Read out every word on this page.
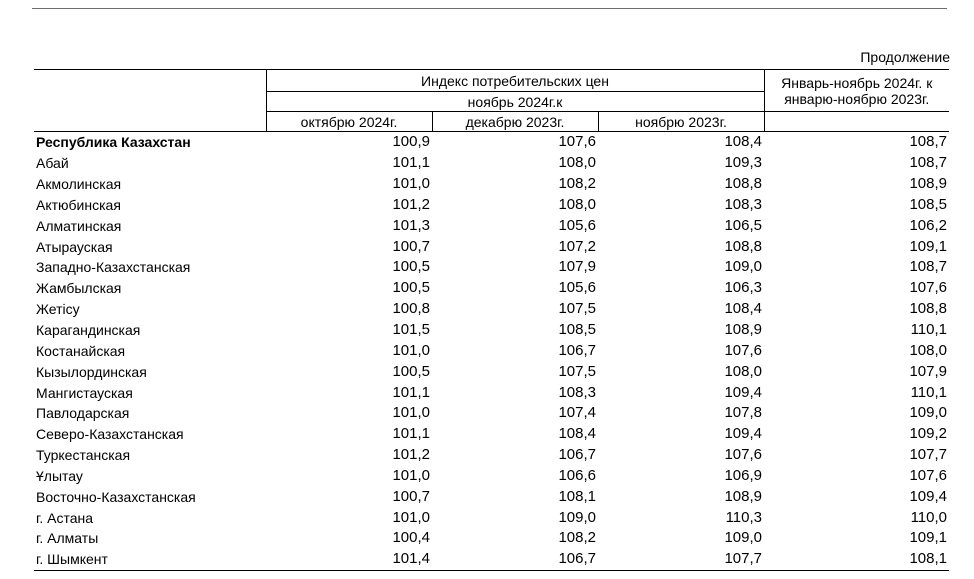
Продолжение
	Индекс потребительских цен			Январь-ноябрь 2024г. к январю-ноябрю 2023г.
	ноябрь 2024г.к			
	октябрю 2024г.	декабрю 2023г.	ноябрю 2023г.	
Республика Казахстан	100,9	107,6	108,4	108,7
Абай	101,1	108,0	109,3	108,7
Акмолинская	101,0	108,2	108,8	108,9
Актюбинская	101,2	108,0	108,3	108,5
Алматинская	101,3	105,6	106,5	106,2
Атырауская	100,7	107,2	108,8	109,1
Западно-Казахстанская	100,5	107,9	109,0	108,7
Жамбылская	100,5	105,6	106,3	107,6
Жетісу	100,8	107,5	108,4	108,8
Карагандинская	101,5	108,5	108,9	110,1
Костанайская	101,0	106,7	107,6	108,0
Кызылординская	100,5	107,5	108,0	107,9
Мангистауская	101,1	108,3	109,4	110,1
Павлодарская	101,0	107,4	107,8	109,0
Северо-Казахстанская	101,1	108,4	109,4	109,2
Туркестанская	101,2	106,7	107,6	107,7
Ұлытау	101,0	106,6	106,9	107,6
Восточно-Казахстанская	100,7	108,1	108,9	109,4
г. Астана	101,0	109,0	110,3	110,0
г. Алматы	100,4	108,2	109,0	109,1
г. Шымкент	101,4	106,7	107,7	108,1
